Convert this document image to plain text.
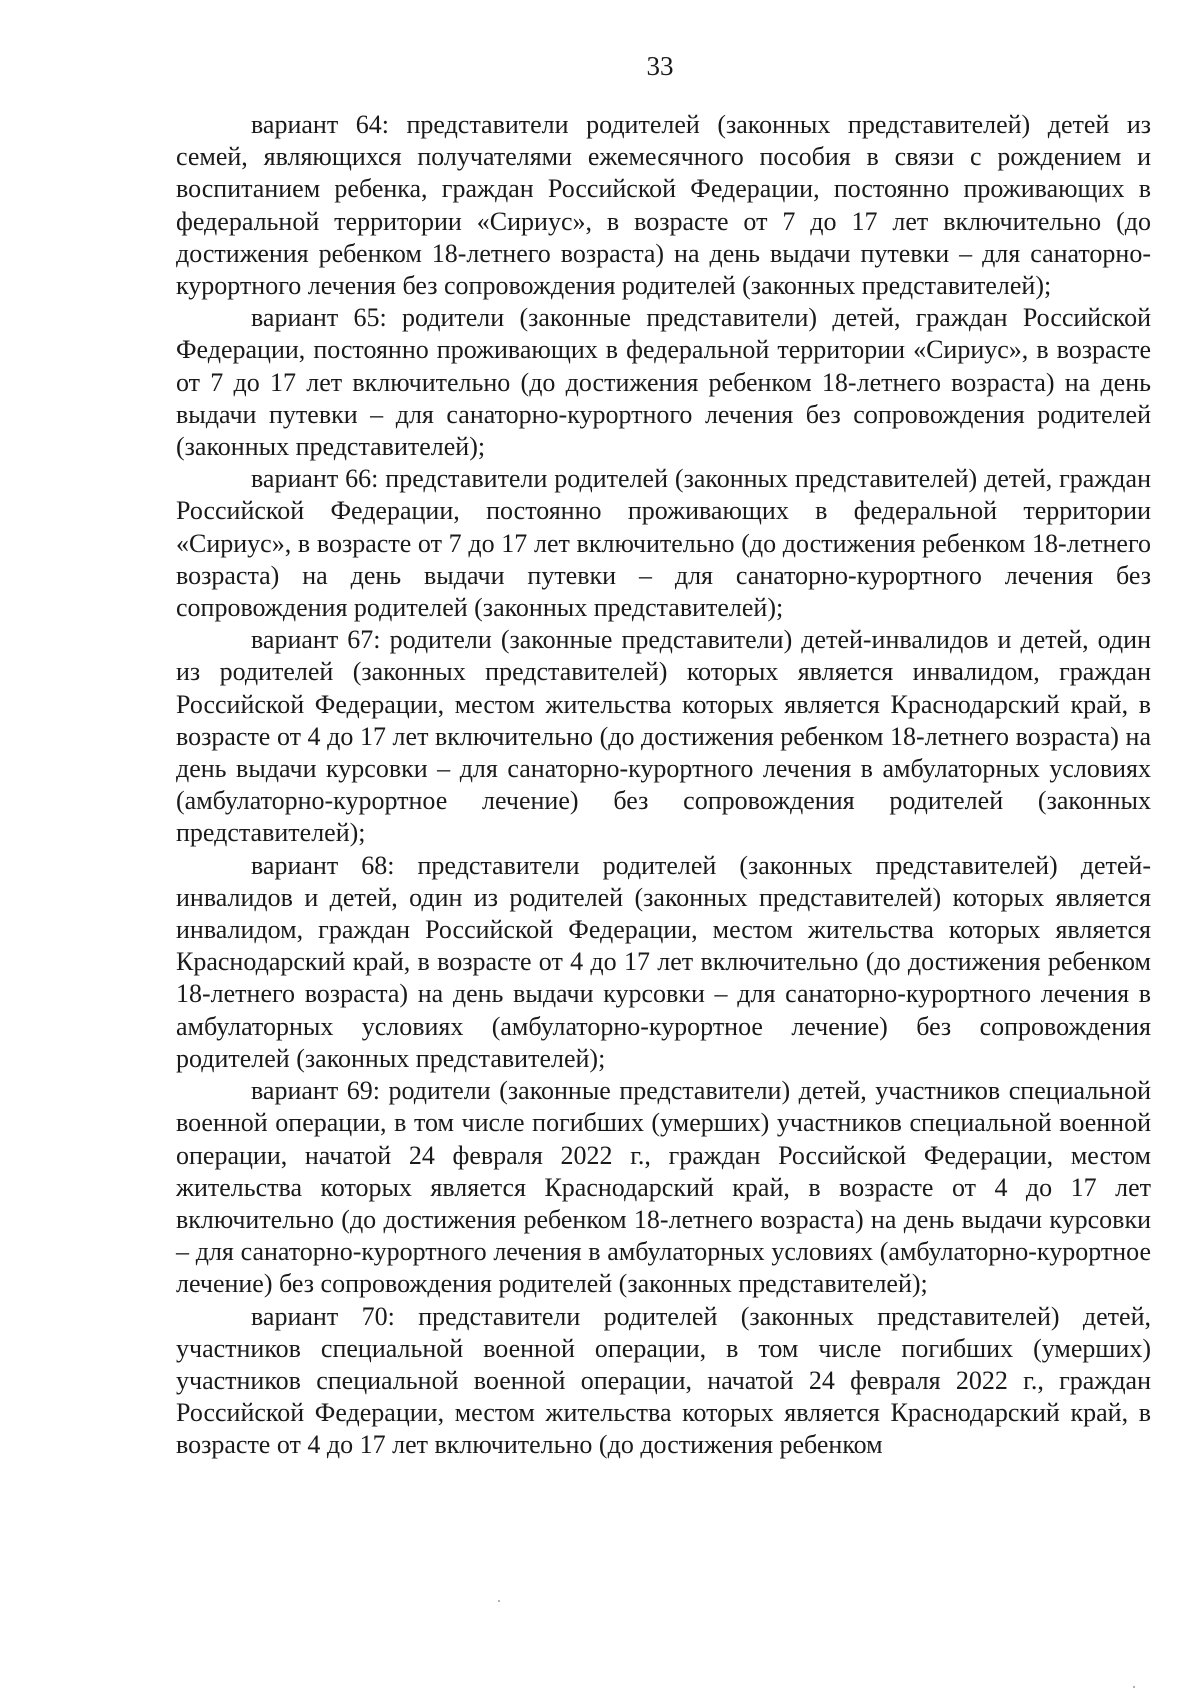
33

вариант 64: представители родителей (законных представителей) детей из семей, являющихся получателями ежемесячного пособия в связи с рождением и воспитанием ребенка, граждан Российской Федерации, постоянно проживающих в федеральной территории «Сириус», в возрасте от 7 до 17 лет включительно (до достижения ребенком 18-летнего возраста) на день выдачи путевки – для санаторно-курортного лечения без сопровождения родителей (законных представителей);

вариант 65: родители (законные представители) детей, граждан Российской Федерации, постоянно проживающих в федеральной территории «Сириус», в возрасте от 7 до 17 лет включительно (до достижения ребенком 18-летнего возраста) на день выдачи путевки – для санаторно-курортного лечения без сопровождения родителей (законных представителей);

вариант 66: представители родителей (законных представителей) детей, граждан Российской Федерации, постоянно проживающих в федеральной территории «Сириус», в возрасте от 7 до 17 лет включительно (до достижения ребенком 18-летнего возраста) на день выдачи путевки – для санаторно-курортного лечения без сопровождения родителей (законных представителей);

вариант 67: родители (законные представители) детей-инвалидов и детей, один из родителей (законных представителей) которых является инвалидом, граждан Российской Федерации, местом жительства которых является Краснодарский край, в возрасте от 4 до 17 лет включительно (до достижения ребенком 18-летнего возраста) на день выдачи курсовки – для санаторно-курортного лечения в амбулаторных условиях (амбулаторно-курортное лечение) без сопровождения родителей (законных представителей);

вариант 68: представители родителей (законных представителей) детей-инвалидов и детей, один из родителей (законных представителей) которых является инвалидом, граждан Российской Федерации, местом жительства которых является Краснодарский край, в возрасте от 4 до 17 лет включительно (до достижения ребенком 18-летнего возраста) на день выдачи курсовки – для санаторно-курортного лечения в амбулаторных условиях (амбулаторно-курортное лечение) без сопровождения родителей (законных представителей);

вариант 69: родители (законные представители) детей, участников специальной военной операции, в том числе погибших (умерших) участников специальной военной операции, начатой 24 февраля 2022 г., граждан Российской Федерации, местом жительства которых является Краснодарский край, в возрасте от 4 до 17 лет включительно (до достижения ребенком 18-летнего возраста) на день выдачи курсовки – для санаторно-курортного лечения в амбулаторных условиях (амбулаторно-курортное лечение) без сопровождения родителей (законных представителей);

вариант 70: представители родителей (законных представителей) детей, участников специальной военной операции, в том числе погибших (умерших) участников специальной военной операции, начатой 24 февраля 2022 г., граждан Российской Федерации, местом жительства которых является Краснодарский край, в возрасте от 4 до 17 лет включительно (до достижения ребенком
